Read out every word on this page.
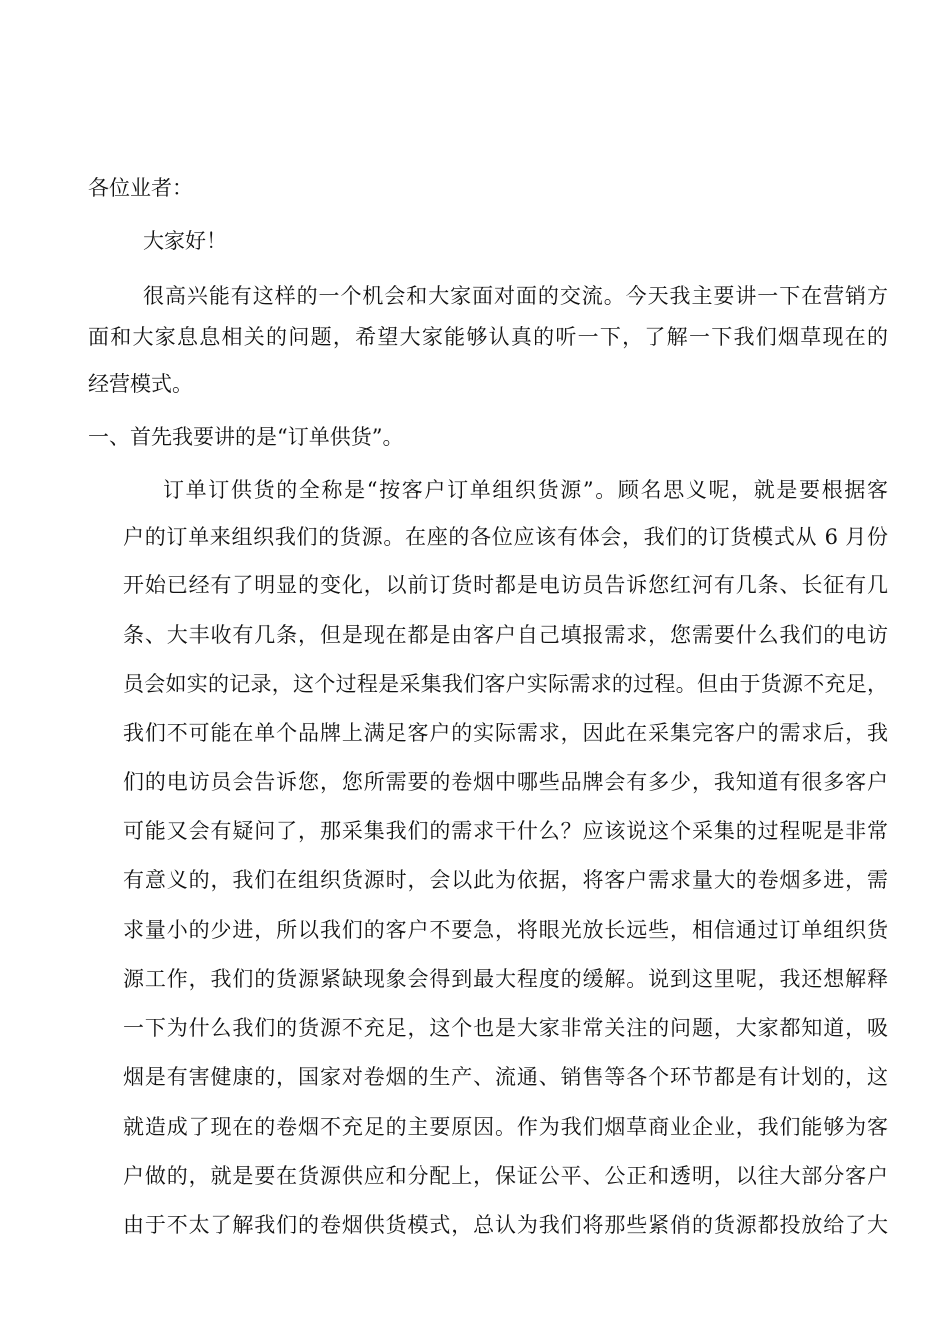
各位业者：
大家好！
很高兴能有这样的一个机会和大家面对面的交流。今天我主要讲一下在营销方
面和大家息息相关的问题，希望大家能够认真的听一下，了解一下我们烟草现在的
经营模式。
一、首先我要讲的是“订单供货”。
订单订供货的全称是“按客户订单组织货源”。顾名思义呢，就是要根据客
户的订单来组织我们的货源。在座的各位应该有体会，我们的订货模式从 6 月份
开始已经有了明显的变化，以前订货时都是电访员告诉您红河有几条、长征有几
条、大丰收有几条，但是现在都是由客户自己填报需求，您需要什么我们的电访
员会如实的记录，这个过程是采集我们客户实际需求的过程。但由于货源不充足，
我们不可能在单个品牌上满足客户的实际需求，因此在采集完客户的需求后，我
们的电访员会告诉您，您所需要的卷烟中哪些品牌会有多少，我知道有很多客户
可能又会有疑问了，那采集我们的需求干什么？应该说这个采集的过程呢是非常
有意义的，我们在组织货源时，会以此为依据，将客户需求量大的卷烟多进，需
求量小的少进，所以我们的客户不要急，将眼光放长远些，相信通过订单组织货
源工作，我们的货源紧缺现象会得到最大程度的缓解。说到这里呢，我还想解释
一下为什么我们的货源不充足，这个也是大家非常关注的问题，大家都知道，吸
烟是有害健康的，国家对卷烟的生产、流通、销售等各个环节都是有计划的，这
就造成了现在的卷烟不充足的主要原因。作为我们烟草商业企业，我们能够为客
户做的，就是要在货源供应和分配上，保证公平、公正和透明，以往大部分客户
由于不太了解我们的卷烟供货模式，总认为我们将那些紧俏的货源都投放给了大
